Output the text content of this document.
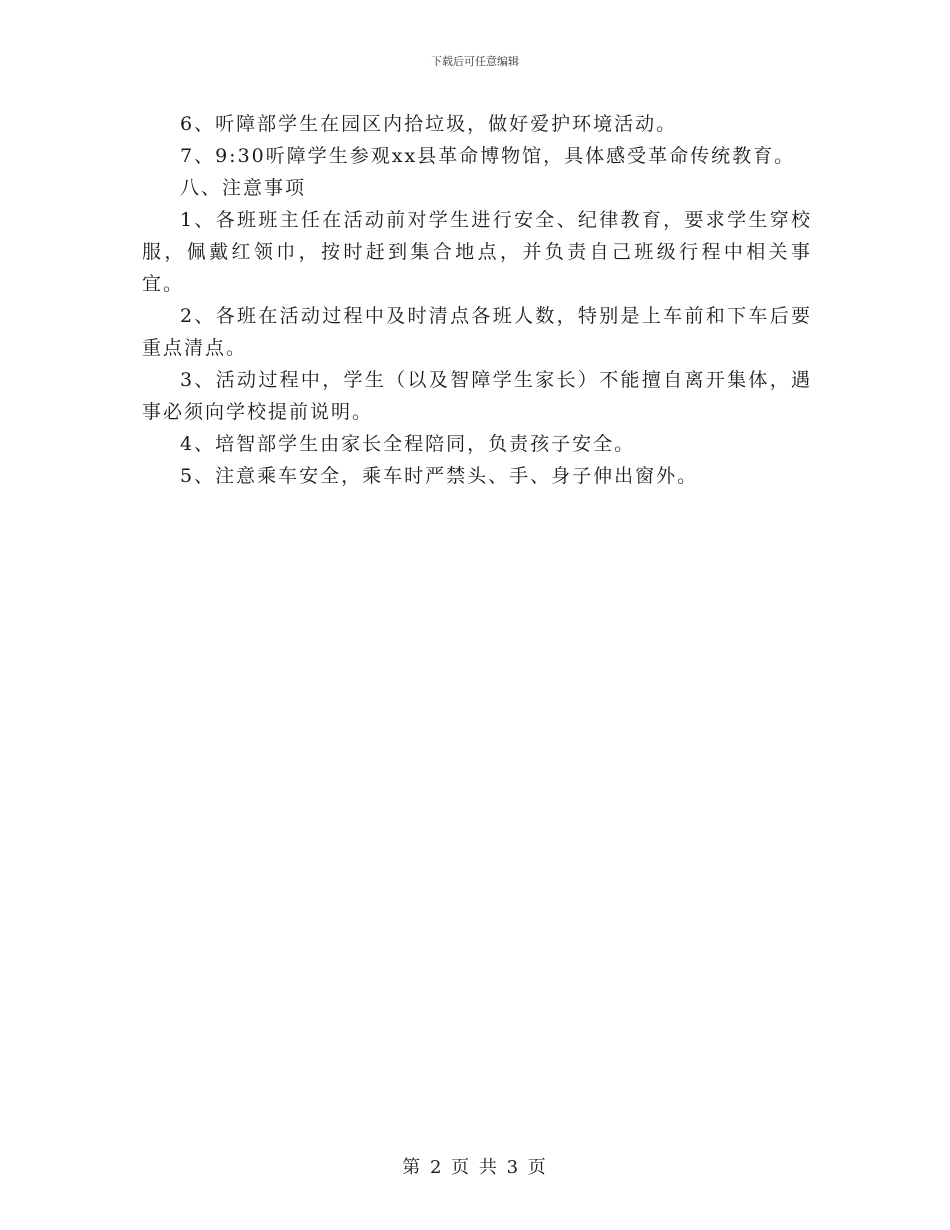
下载后可任意编辑

6、听障部学生在园区内拾垃圾，做好爱护环境活动。

7、9:30听障学生参观xx县革命博物馆，具体感受革命传统教育。

八、注意事项

1、各班班主任在活动前对学生进行安全、纪律教育，要求学生穿校服，佩戴红领巾，按时赶到集合地点，并负责自己班级行程中相关事宜。

2、各班在活动过程中及时清点各班人数，特别是上车前和下车后要重点清点。

3、活动过程中，学生（以及智障学生家长）不能擅自离开集体，遇事必须向学校提前说明。

4、培智部学生由家长全程陪同，负责孩子安全。

5、注意乘车安全，乘车时严禁头、手、身子伸出窗外。

第 2 页 共 3 页
